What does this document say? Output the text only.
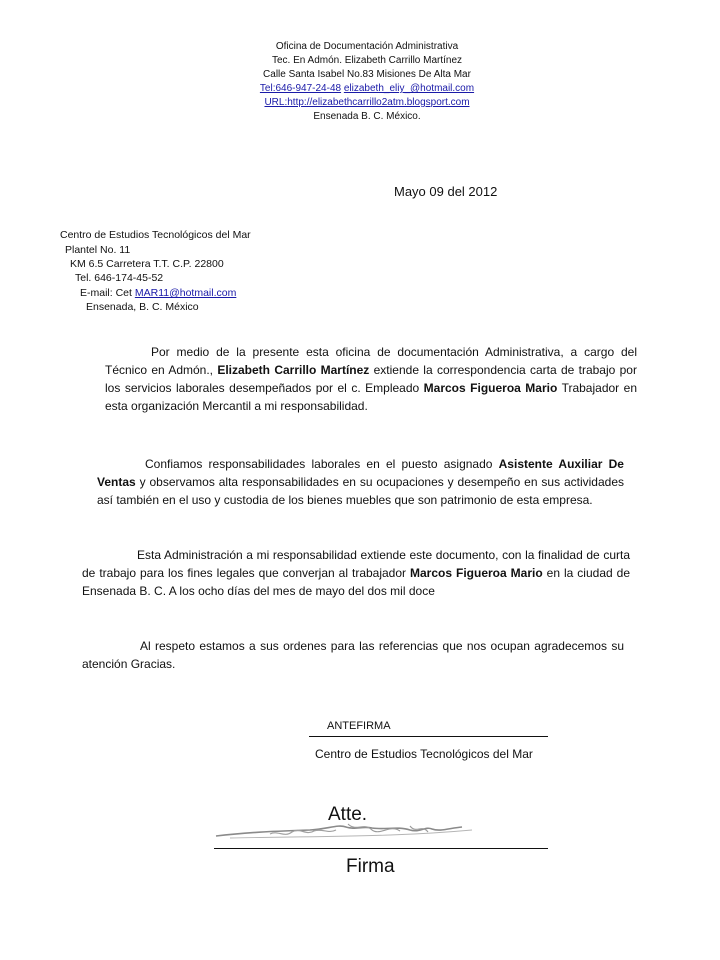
Oficina de Documentación Administrativa
Tec. En Admón. Elizabeth Carrillo Martínez
Calle Santa Isabel No.83 Misiones De Alta Mar
Tel:646-947-24-48 elizabeth_eliy_@hotmail.com
URL:http://elizabethcarrillo2atm.blogsport.com
Ensenada B. C. México.
Mayo 09 del 2012
Centro de Estudios Tecnológicos del Mar
Plantel No. 11
KM 6.5 Carretera T.T. C.P. 22800
Tel. 646-174-45-52
E-mail: Cet MAR11@hotmail.com
Ensenada, B. C. México
Por medio de la presente esta oficina de documentación Administrativa, a cargo del Técnico en Admón., Elizabeth Carrillo Martínez extiende la correspondencia carta de trabajo por los servicios laborales desempeñados por el c. Empleado Marcos Figueroa Mario Trabajador en esta organización Mercantil a mi responsabilidad.
Confiamos responsabilidades laborales en el puesto asignado Asistente Auxiliar De Ventas y observamos alta responsabilidades en su ocupaciones y desempeño en sus actividades así también en el uso y custodia de los bienes muebles que son patrimonio de esta empresa.
Esta Administración a mi responsabilidad extiende este documento, con la finalidad de curta de trabajo para los fines legales que converjan al trabajador Marcos Figueroa Mario en la ciudad de Ensenada B. C. A los ocho días del mes de mayo del dos mil doce
Al respeto estamos a sus ordenes para las referencias que nos ocupan agradecemos su atención Gracias.
ANTEFIRMA
Centro de Estudios Tecnológicos del Mar
Atte.
Firma
